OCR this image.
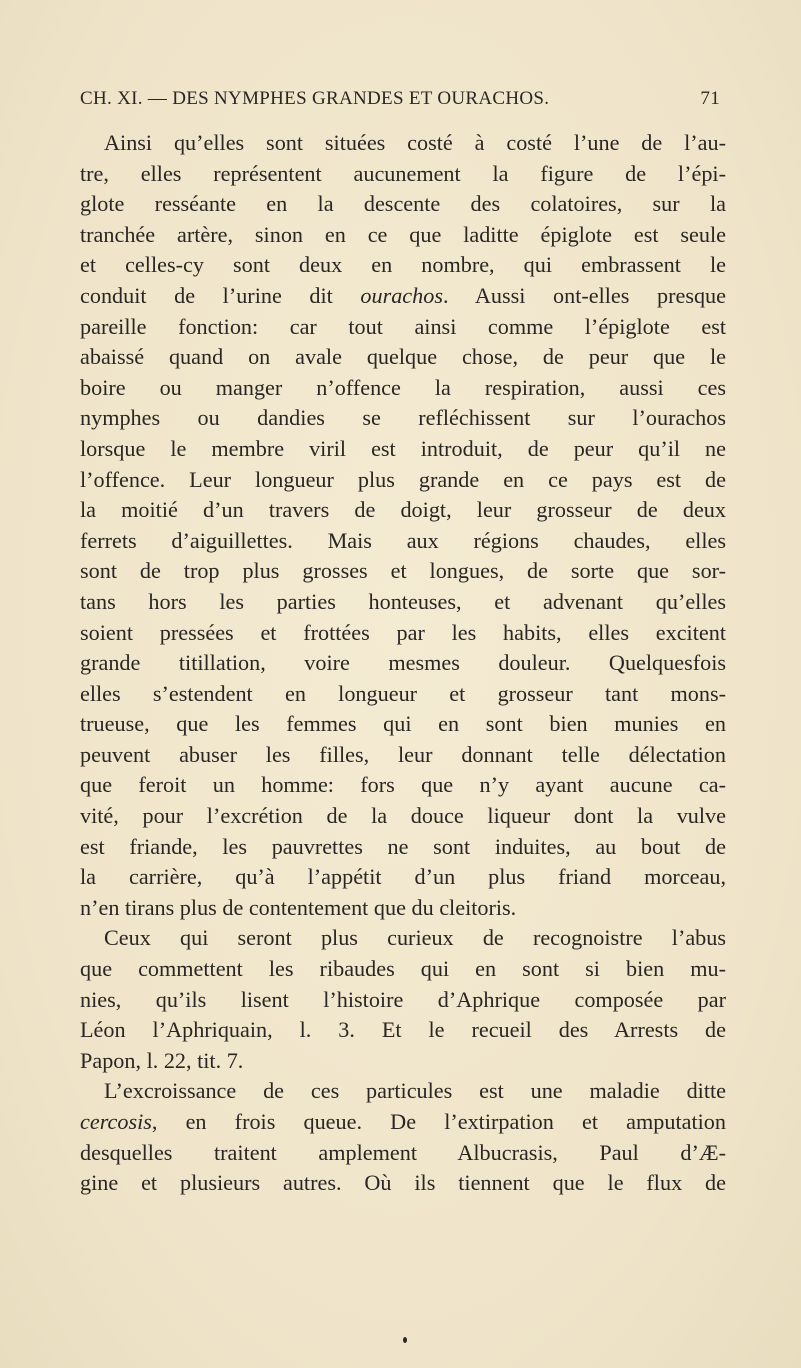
CH. XI. — DES NYMPHES GRANDES ET OURACHOS.	71
Ainsi qu’elles sont situées costé à costé l’une de l’au-
tre, elles représentent aucunement la figure de l’épi-
glote resséante en la descente des colatoires, sur la
tranchée artère, sinon en ce que laditte épiglote est seule
et celles-cy sont deux en nombre, qui embrassent le
conduit de l’urine dit ourachos. Aussi ont-elles presque
pareille fonction: car tout ainsi comme l’épiglote est
abaissé quand on avale quelque chose, de peur que le
boire ou manger n’offence la respiration, aussi ces
nymphes ou dandies se refléchissent sur l’ourachos
lorsque le membre viril est introduit, de peur qu’il ne
l’offence. Leur longueur plus grande en ce pays est de
la moitié d’un travers de doigt, leur grosseur de deux
ferrets d’aiguillettes. Mais aux régions chaudes, elles
sont de trop plus grosses et longues, de sorte que sor-
tans hors les parties honteuses, et advenant qu’elles
soient pressées et frottées par les habits, elles excitent
grande titillation, voire mesmes douleur. Quelquesfois
elles s’estendent en longueur et grosseur tant mons-
trueuse, que les femmes qui en sont bien munies en
peuvent abuser les filles, leur donnant telle délectation
que feroit un homme: fors que n’y ayant aucune ca-
vité, pour l’excrétion de la douce liqueur dont la vulve
est friande, les pauvrettes ne sont induites, au bout de
la carrière, qu’à l’appétit d’un plus friand morceau,
n’en tirans plus de contentement que du cleitoris.
Ceux qui seront plus curieux de recognoistre l’abus
que commettent les ribaudes qui en sont si bien mu-
nies, qu’ils lisent l’histoire d’Aphrique composée par
Léon l’Aphriquain, l. 3. Et le recueil des Arrests de
Papon, l. 22, tit. 7.
L’excroissance de ces particules est une maladie ditte
cercosis, en frois queue. De l’extirpation et amputation
desquelles traitent amplement Albucrasis, Paul d’Æ-
gine et plusieurs autres. Où ils tiennent que le flux de
